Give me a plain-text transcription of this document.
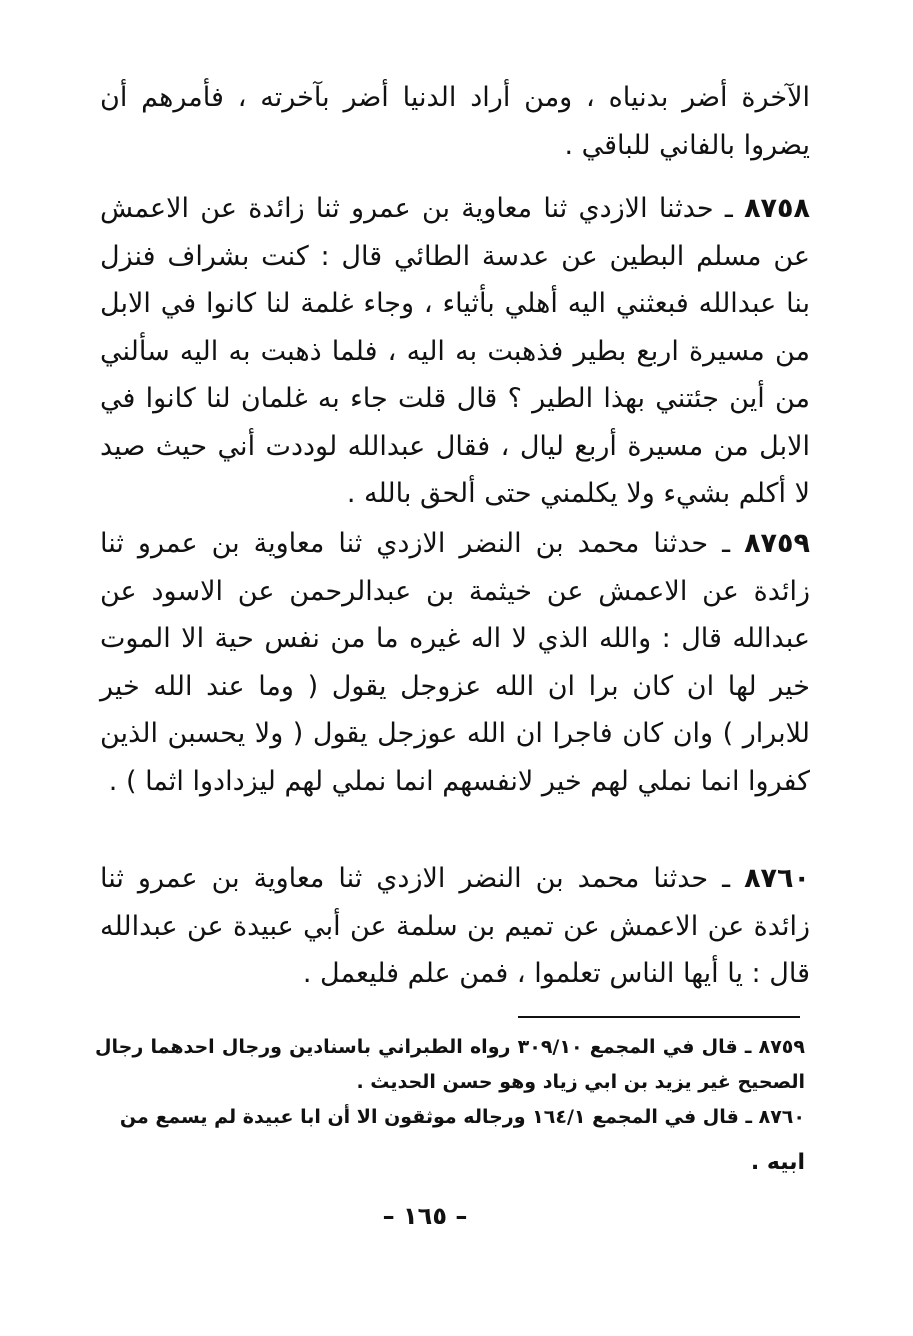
الآخرة أضر بدنياه ، ومن أراد الدنيا أضر بآخرته ، فأمرهم أن يضروا بالفاني للباقي .

٨٧٥٨ ـ حدثنا الازدي ثنا معاوية بن عمرو ثنا زائدة عن الاعمش عن مسلم البطين عن عدسة الطائي قال : كنت بشراف فنزل بنا عبدالله فبعثني اليه أهلي بأثياء ، وجاء غلمة لنا كانوا في الابل من مسيرة اربع بطير فذهبت به اليه ، فلما ذهبت به اليه سألني من أين جئتني بهذا الطير ؟ قال قلت جاء به غلمان لنا كانوا في الابل من مسيرة أربع ليال ، فقال عبدالله لوددت أني حيث صيد لا أكلم بشيء ولا يكلمني حتى ألحق بالله .

٨٧٥٩ ـ حدثنا محمد بن النضر الازدي ثنا معاوية بن عمرو ثنا زائدة عن الاعمش عن خيثمة بن عبدالرحمن عن الاسود عن عبدالله قال : والله الذي لا اله غيره ما من نفس حية الا الموت خير لها ان كان برا ان الله عزوجل يقول ( وما عند الله خير للابرار ) وان كان فاجرا ان الله عوزجل يقول ( ولا يحسبن الذين كفروا انما نملي لهم خير لانفسهم انما نملي لهم ليزدادوا اثما ) .

٨٧٦٠ ـ حدثنا محمد بن النضر الازدي ثنا معاوية بن عمرو ثنا زائدة عن الاعمش عن تميم بن سلمة عن أبي عبيدة عن عبدالله قال : يا أيها الناس تعلموا ، فمن علم فليعمل .

٨٧٥٩ ـ قال في المجمع ٣٠٩/١٠ رواه الطبراني باسنادين ورجال احدهما رجال الصحيح غير يزيد بن ابي زياد وهو حسن الحديث .

٨٧٦٠ ـ قال في المجمع ١٦٤/١ ورجاله موثقون الا أن ابا عبيدة لم يسمع من

ابيه .
– ١٦٥ –
